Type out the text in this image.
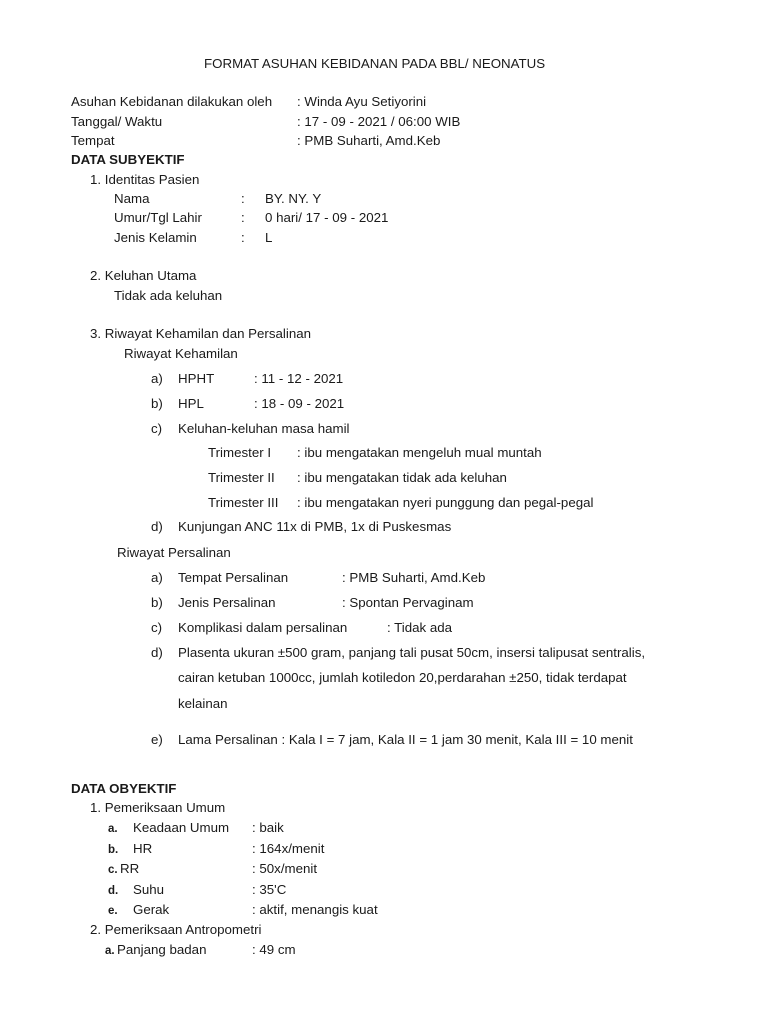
FORMAT ASUHAN KEBIDANAN PADA BBL/ NEONATUS
Asuhan Kebidanan dilakukan oleh : Winda Ayu Setiyorini
Tanggal/ Waktu	: 17 - 09 - 2021 / 06:00 WIB
Tempat	: PMB Suharti, Amd.Keb
DATA SUBYEKTIF
1. Identitas Pasien
Nama	: BY. NY. Y
Umur/Tgl Lahir	: 0 hari/ 17 - 09 - 2021
Jenis Kelamin	: L
2. Keluhan Utama
Tidak ada keluhan
3. Riwayat Kehamilan dan Persalinan
Riwayat Kehamilan
a) HPHT	: 11 - 12 - 2021
b) HPL	: 18 - 09 - 2021
c) Keluhan-keluhan masa hamil
Trimester I : ibu mengatakan mengeluh mual muntah
Trimester II : ibu mengatakan tidak ada keluhan
Trimester III : ibu mengatakan nyeri punggung dan pegal-pegal
d) Kunjungan ANC 11x di PMB, 1x di Puskesmas
Riwayat Persalinan
a) Tempat Persalinan	: PMB Suharti, Amd.Keb
b) Jenis Persalinan	: Spontan Pervaginam
c) Komplikasi dalam persalinan	: Tidak ada
d) Plasenta ukuran ±500 gram, panjang tali pusat 50cm, insersi talipusat sentralis,
cairan ketuban 1000cc, jumlah kotiledon 20,perdarahan ±250, tidak terdapat
kelainan
e) Lama Persalinan : Kala I = 7 jam, Kala II = 1 jam 30 menit, Kala III = 10 menit
DATA OBYEKTIF
1. Pemeriksaan Umum
a. Keadaan Umum : baik
b. HR	: 164x/menit
c. RR	: 50x/menit
d. Suhu	: 35'C
e. Gerak	: aktif, menangis kuat
2. Pemeriksaan Antropometri
a. Panjang badan	: 49 cm
